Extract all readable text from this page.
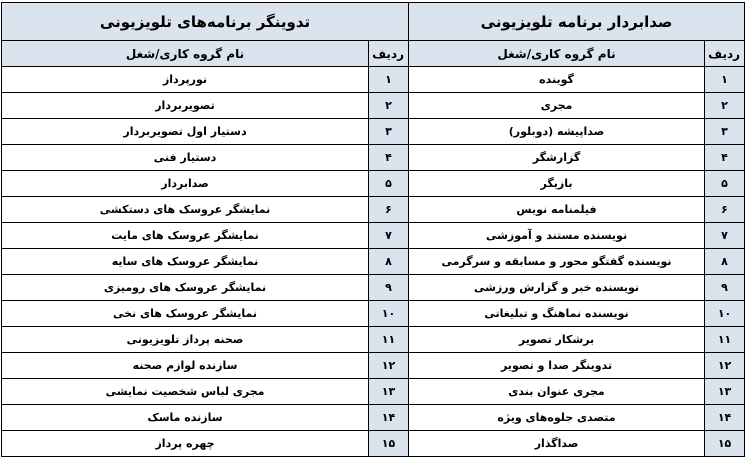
صدابردار برنامه تلویزیونی		تدوینگر برنامه‌های تلویزیونی	
ردیف	نام گروه کاری/شغل	ردیف	نام گروه کاری/شغل
١	گوینده	١	نورپرداز
٢	مجری	٢	تصویربردار
٣	صداپیشه (دوبلور)	٣	دستیار اول تصویربردار
۴	گزارشگر	۴	دستیار فنی
۵	بازیگر	۵	صدابردار
۶	فیلمنامه نویس	۶	نمایشگر عروسک های دستکشی
٧	نویسنده مستند و آموزشی	٧	نمایشگر عروسک های مایت
٨	نویسنده گفتگو محور و مسابقه و سرگرمی	٨	نمایشگر عروسک های سایه
٩	نویسنده خبر و گزارش ورزشی	٩	نمایشگر عروسک های رومیزی
١٠	نویسنده نماهنگ و تبلیغاتی	١٠	نمایشگر عروسک های نخی
١١	برشکار تصویر	١١	صحنه پرداز تلویزیونی
١٢	تدوینگر صدا و تصویر	١٢	سازنده لوازم صحنه
١٣	مجری عنوان بندی	١٣	مجری لباس شخصیت نمایشی
١۴	متصدی جلوه‌های ویژه	١۴	سازنده ماسک
١۵	صداگذار	١۵	چهره پرداز
